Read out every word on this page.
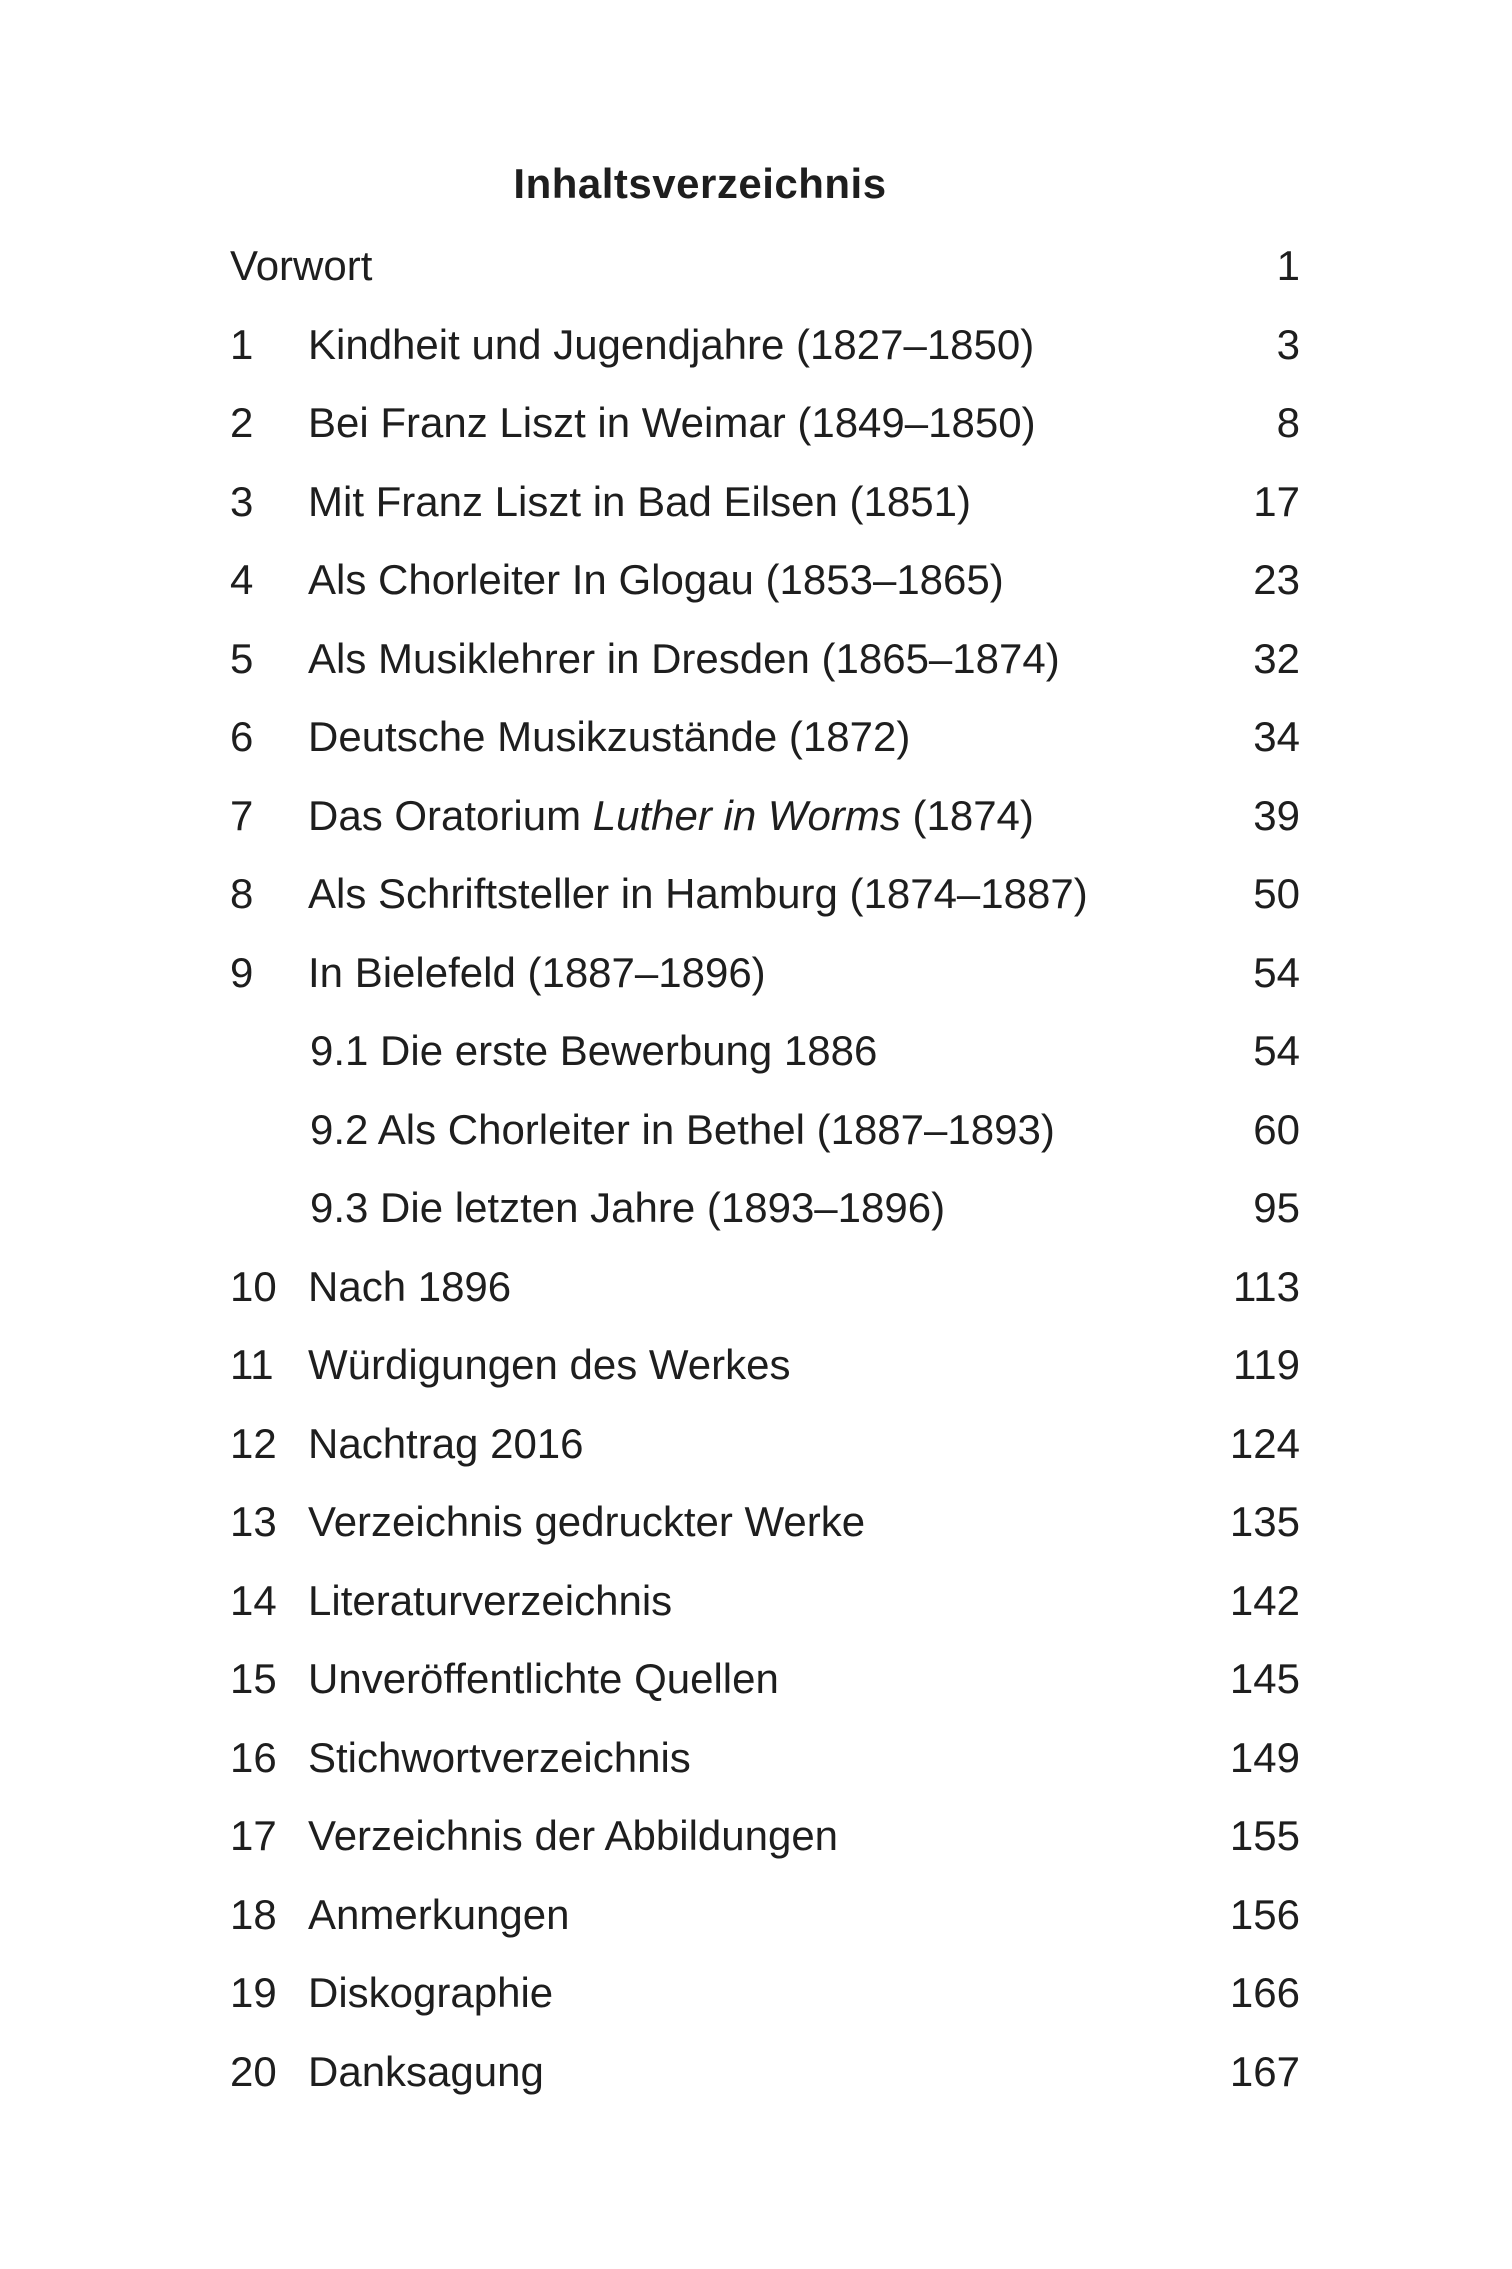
Inhaltsverzeichnis
Vorwort	1
1 Kindheit und Jugendjahre (1827–1850)	3
2 Bei Franz Liszt in Weimar (1849–1850)	8
3 Mit Franz Liszt in Bad Eilsen (1851)	17
4 Als Chorleiter In Glogau (1853–1865)	23
5 Als Musiklehrer in Dresden (1865–1874)	32
6 Deutsche Musikzustände (1872)	34
7 Das Oratorium Luther in Worms (1874)	39
8 Als Schriftsteller in Hamburg (1874–1887)	50
9 In Bielefeld (1887–1896)	54
9.1 Die erste Bewerbung 1886	54
9.2 Als Chorleiter in Bethel (1887–1893)	60
9.3 Die letzten Jahre (1893–1896)	95
10 Nach 1896	113
11 Würdigungen des Werkes	119
12 Nachtrag 2016	124
13 Verzeichnis gedruckter Werke	135
14 Literaturverzeichnis	142
15 Unveröffentlichte Quellen	145
16 Stichwortverzeichnis	149
17 Verzeichnis der Abbildungen	155
18 Anmerkungen	156
19 Diskographie	166
20 Danksagung	167
